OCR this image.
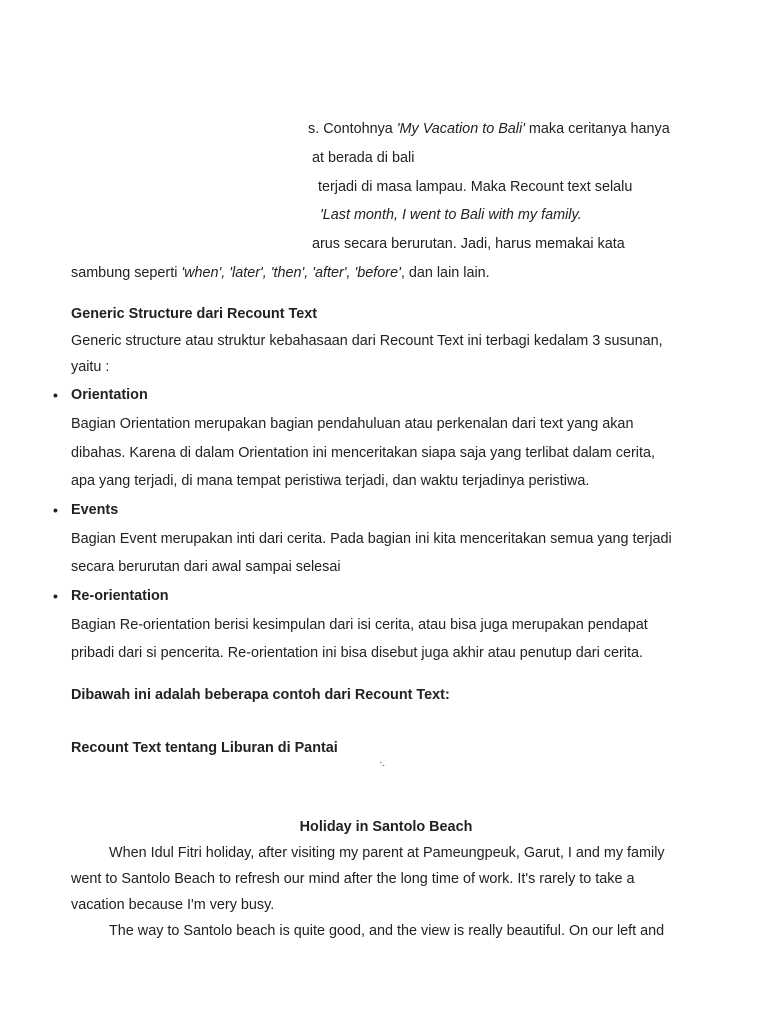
s. Contohnya 'My Vacation to Bali' maka ceritanya hanya
at berada di bali
terjadi di masa lampau. Maka Recount text selalu
'Last month, I went to Bali with my family.
arus secara berurutan. Jadi, harus memakai kata
sambung seperti 'when', 'later', 'then', 'after', 'before', dan lain lain.
Generic Structure dari Recount Text
Generic structure atau struktur kebahasaan dari Recount Text ini terbagi kedalam 3 susunan,
yaitu :
• Orientation
Bagian Orientation merupakan bagian pendahuluan atau perkenalan dari text yang akan
dibahas. Karena di dalam Orientation ini menceritakan siapa saja yang terlibat dalam cerita,
apa yang terjadi, di mana tempat peristiwa terjadi, dan waktu terjadinya peristiwa.
• Events
Bagian Event merupakan inti dari cerita. Pada bagian ini kita menceritakan semua yang terjadi
secara berurutan dari awal sampai selesai
• Re-orientation
Bagian Re-orientation berisi kesimpulan dari isi cerita, atau bisa juga merupakan pendapat
pribadi dari si pencerita. Re-orientation ini bisa disebut juga akhir atau penutup dari cerita.
Dibawah ini adalah beberapa contoh dari Recount Text:
Recount Text tentang Liburan di Pantai
Holiday in Santolo Beach
When Idul Fitri holiday, after visiting my parent at Pameungpeuk, Garut, I and my family
went to Santolo Beach to refresh our mind after the long time of work. It's rarely to take a
vacation because I'm very busy.
The way to Santolo beach is quite good, and the view is really beautiful. On our left and
'-
